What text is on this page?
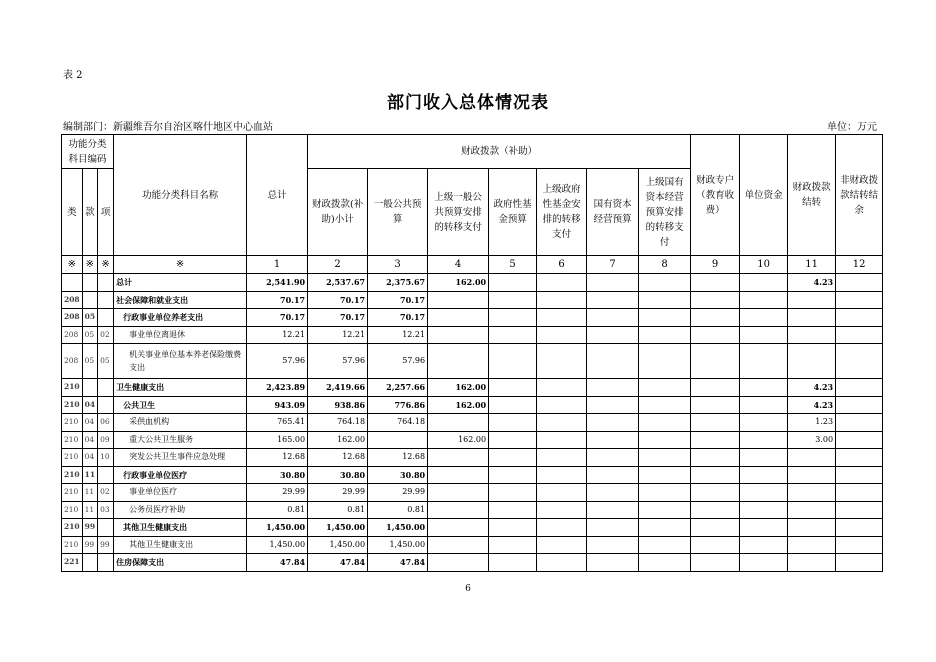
表 2
部门收入总体情况表
编制部门：新疆维吾尔自治区喀什地区中心血站	单位：万元
功能分类科目编码			功能分类科目名称	总计	财政拨款（补助）							财政专户（教育收费）	单位资金	财政拨款结转	非财政拨款结转结余
类	款	项			财政拨款(补助)小计	一般公共预算	上级一般公共预算安排的转移支付	政府性基金预算	上级政府性基金安排的转移支付	国有资本经营预算	上级国有资本经营预算安排的转移支付				
※	※	※	※	1	2	3	4	5	6	7	8	9	10	11	12
			总计	2,541.90	2,537.67	2,375.67	162.00							4.23	
208			社会保障和就业支出	70.17	70.17	70.17									
208	05		行政事业单位养老支出	70.17	70.17	70.17									
208	05	02	事业单位离退休	12.21	12.21	12.21									
208	05	05	机关事业单位基本养老保险缴费支出	57.96	57.96	57.96									
210			卫生健康支出	2,423.89	2,419.66	2,257.66	162.00							4.23	
210	04		公共卫生	943.09	938.86	776.86	162.00							4.23	
210	04	06	采供血机构	765.41	764.18	764.18								1.23	
210	04	09	重大公共卫生服务	165.00	162.00		162.00							3.00	
210	04	10	突发公共卫生事件应急处理	12.68	12.68	12.68									
210	11		行政事业单位医疗	30.80	30.80	30.80									
210	11	02	事业单位医疗	29.99	29.99	29.99									
210	11	03	公务员医疗补助	0.81	0.81	0.81									
210	99		其他卫生健康支出	1,450.00	1,450.00	1,450.00									
210	99	99	其他卫生健康支出	1,450.00	1,450.00	1,450.00									
221			住房保障支出	47.84	47.84	47.84									
6
